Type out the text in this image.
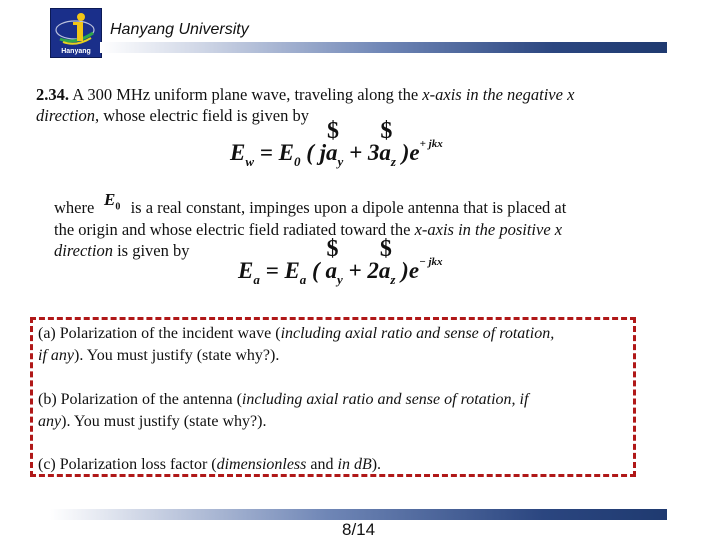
Hanyang
Hanyang University
2.34. A 300 MHz uniform plane wave, traveling along the x-axis in the negative x
direction, whose electric field is given by
$E_w = E_0$ ( j
$
$a_y + 3$
$
$a_z$ )$e^{+ jkx}$
where  is a real constant, impinges upon a dipole antenna that is placed at
$E_0$
the origin and whose electric field radiated toward the x-axis in the positive x
direction is given by
$E_a = E_a$ (
$
$a_y + 2$
$
$a_z$ )$e^{- jkx}$
(a) Polarization of the incident wave (including axial ratio and sense of rotation,
if any). You must justify (state why?).
(b) Polarization of the antenna (including axial ratio and sense of rotation, if
any). You must justify (state why?).
(c) Polarization loss factor (dimensionless and in dB).
8/14
